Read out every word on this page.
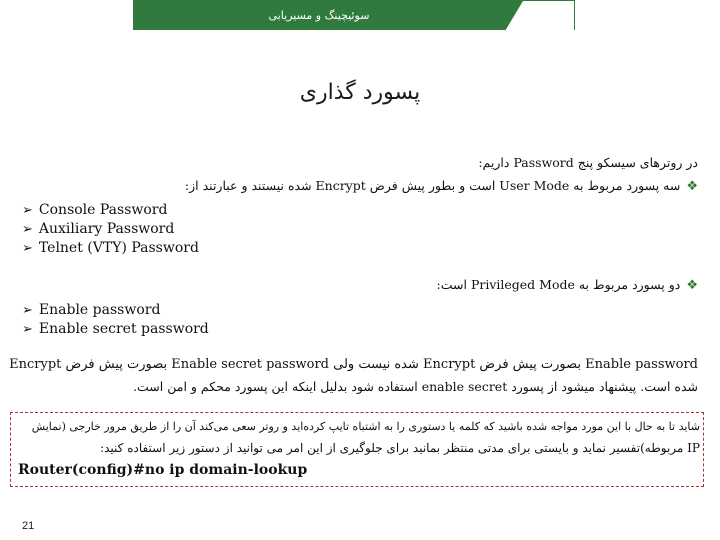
سوئیچینگ و مسیریابی
پسورد گذاری
در روترهای سیسکو پنج Password داریم:
❖سه پسورد مربوط به User Mode است و بطور پیش فرض Encrypt شده نیستند و عبارتند از:
➢ Console Password
➢ Auxiliary Password
➢ Telnet (VTY) Password
❖دو پسورد مربوط به Privileged Mode است:
➢ Enable password
➢ Enable secret password
Enable password بصورت پیش فرض Encrypt شده نیست ولی Enable secret password بصورت پیش فرض Encrypt
شده است. پیشنهاد میشود از پسورد enable secret استفاده شود بدلیل اینکه این پسورد محکم و امن است.
شاید تا به حال با این مورد مواجه شده باشید که کلمه یا دستوری را به اشتباه تایپ کرده‌اید و روتر سعی می‌کند آن را از طریق مرور خارجی (نمایش
IP مربوطه)تفسیر نماید و بایستی برای مدتی منتظر بمانید برای جلوگیری از این امر می توانید از دستور زیر استفاده کنید:
Router(config)#no ip domain-lookup
21
